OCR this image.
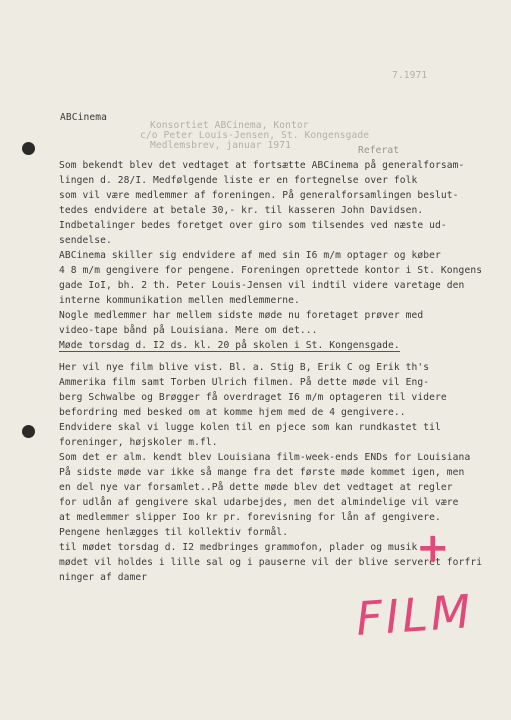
7.1971
ABCinema
Konsortiet ABCinema, Kontor
c/o Peter Louis-Jensen, St. Kongensgade
Medlemsbrev, januar 1971	Referat
Som bekendt blev det vedtaget at fortsætte ABCinema på generalforsam-
lingen d. 28/I. Medfølgende liste er en fortegnelse over folk
som vil være medlemmer af foreningen. På generalforsamlingen beslut-
tedes endvidere at betale 30,- kr. til kasseren John Davidsen.
Indbetalinger bedes foretget over giro som tilsendes ved næste ud-
sendelse.
ABCinema skiller sig endvidere af med sin I6 m/m optager og køber
4 8 m/m gengivere for pengene. Foreningen oprettede kontor i St. Kongens
gade IoI, bh. 2 th. Peter Louis-Jensen vil indtil videre varetage den
interne kommunikation mellen medlemmerne.
Nogle medlemmer har mellem sidste møde nu foretaget prøver med
video-tape bånd på Louisiana. Mere om det...
Møde torsdag d. I2 ds. kl. 20 på skolen i St. Kongensgade.
Her vil nye film blive vist. Bl. a. Stig B, Erik C og Erik th's
Ammerika film samt Torben Ulrich filmen. På dette møde vil Eng-
berg Schwalbe og Brøgger få overdraget I6 m/m optageren til videre
befordring med besked om at komme hjem med de 4 gengivere..
Endvidere skal vi lugge kolen til en pjece som kan rundkastet til
foreninger, højskoler m.fl.
Som det er alm. kendt blev Louisiana film-week-ends ENDs for Louisiana
På sidste møde var ikke så mange fra det første møde kommet igen, men
en del nye var forsamlet..På dette møde blev det vedtaget at regler
for udlån af gengivere skal udarbejdes, men det almindelige vil være
at medlemmer slipper Ioo kr pr. forevisning for lån af gengivere.
Pengene henlægges til kollektiv formål.
til mødet torsdag d. I2 medbringes grammofon, plader og musik
mødet vil holdes i lille sal og i pauserne vil der blive serveret forfri
ninger af damer
+
FILM
